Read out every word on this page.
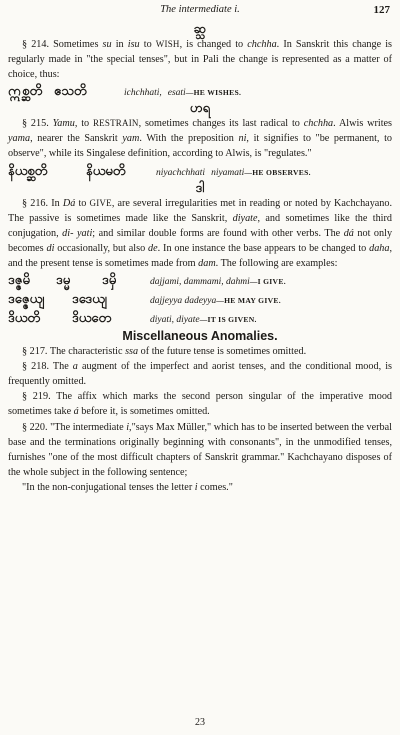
The intermediate i.	127
ဆ္သ

§ 214. Sometimes su in isu to WISH, is changed to chchha. In Sanskrit this change is regularly made in "the special tenses", but in Pali the change is represented as a matter of choice, thus:

ဣစ္ဆတိ ဧသတိ	ichchhati, esati —HE WISHES.
ဟရ

§ 215. Yamu, to RESTRAIN, sometimes changes its last radical to chchha. Alwis writes yama, nearer the Sanskrit yam. With the preposition ni, it signifies to "be permanent, to observe", while its Singalese definition, according to Alwis, is "regulates."

နိယစ္ဆတိ	နိယမတိ	niyachchhati niyamati —HE OBSERVES.
ဒါ

§ 216. In Dá to GIVE, are several irregularities met in reading or noted by Kachchayano. The passive is sometimes made like the Sanskrit, diyate, and sometimes like the third conjugation, di- yati; and similar double forms are found with other verbs. The dá not only becomes di occasionally, but also de. In one instance the base appears to be changed to daha, and the present tense is sometimes made from dam. The following are examples:

ဒဇ္ဇမိ	ဒမ္မ	ဒမှိ	dajjami, dammami, dahmi —I GIVE.
ဒဇ္ဇေယျ	ဒဒေယျ	dajjeyya dadeyya —HE MAY GIVE.
ဒိယတိ	ဒိယတေ	diyati, diyate —IT IS GIVEN.
Miscellaneous Anomalies.

§ 217. The characteristic ssa of the future tense is sometimes omitted.

§ 218. The a augment of the imperfect and aorist tenses, and the conditional mood, is frequently omitted.

§ 219. The affix which marks the second person singular of the imperative mood sometimes take á before it, is sometimes omitted.

§ 220. "The intermediate i,"says Max Müller," which has to be inserted between the verbal base and the terminations originally beginning with consonants", in the unmodified tenses, furnishes "one of the most difficult chapters of Sanskrit grammar." Kachchayano disposes of the whole subject in the following sentence;

"In the non-conjugational tenses the letter i comes."

23
